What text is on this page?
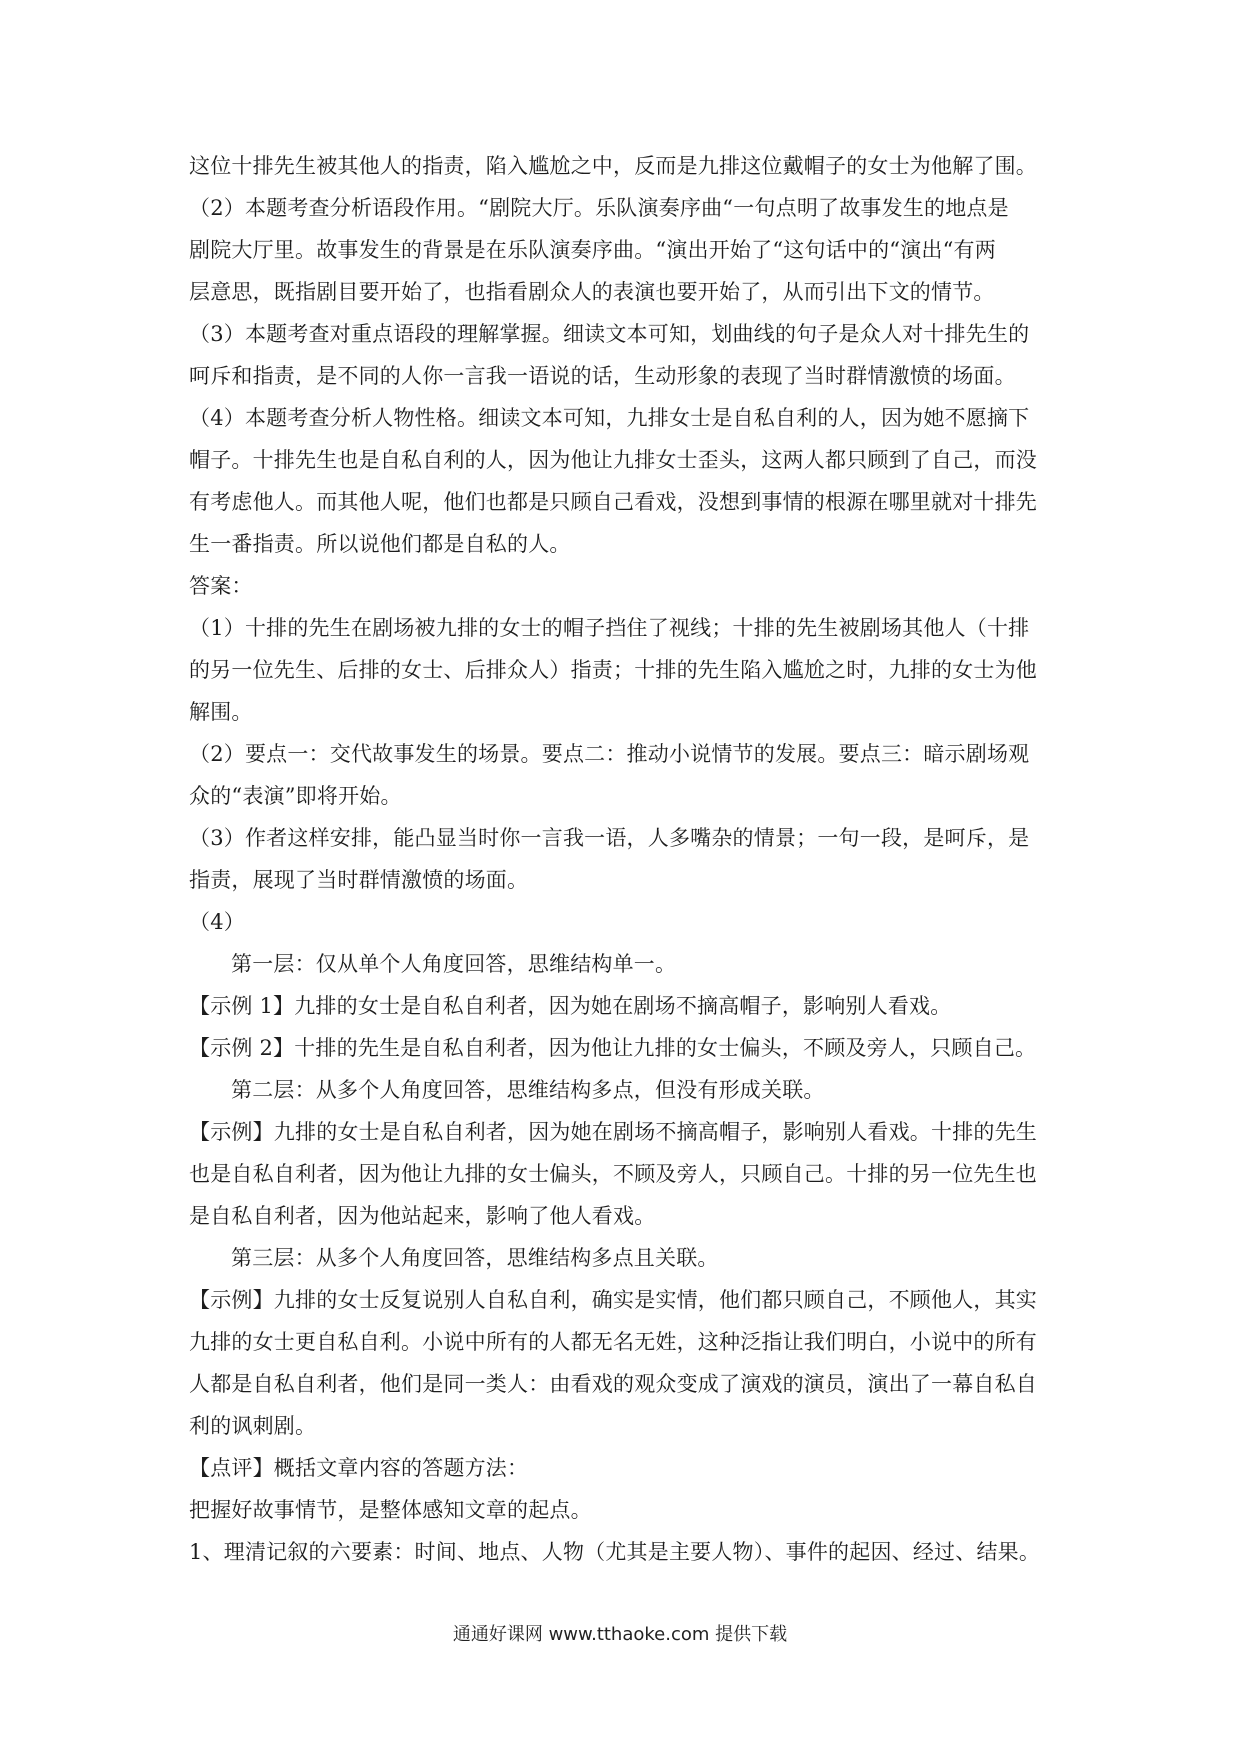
这位十排先生被其他人的指责，陷入尴尬之中，反而是九排这位戴帽子的女士为他解了围。
（2）本题考查分析语段作用。“剧院大厅。乐队演奏序曲“一句点明了故事发生的地点是
剧院大厅里。故事发生的背景是在乐队演奏序曲。“演出开始了“这句话中的“演出“有两
层意思，既指剧目要开始了，也指看剧众人的表演也要开始了，从而引出下文的情节。
（3）本题考查对重点语段的理解掌握。细读文本可知，划曲线的句子是众人对十排先生的
呵斥和指责，是不同的人你一言我一语说的话，生动形象的表现了当时群情激愤的场面。
（4）本题考查分析人物性格。细读文本可知，九排女士是自私自利的人，因为她不愿摘下
帽子。十排先生也是自私自利的人，因为他让九排女士歪头，这两人都只顾到了自己，而没
有考虑他人。而其他人呢，他们也都是只顾自己看戏，没想到事情的根源在哪里就对十排先
生一番指责。所以说他们都是自私的人。
答案：
（1）十排的先生在剧场被九排的女士的帽子挡住了视线；十排的先生被剧场其他人（十排
的另一位先生、后排的女士、后排众人）指责；十排的先生陷入尴尬之时，九排的女士为他
解围。
（2）要点一：交代故事发生的场景。要点二：推动小说情节的发展。要点三：暗示剧场观
众的“表演”即将开始。
（3）作者这样安排，能凸显当时你一言我一语，人多嘴杂的情景；一句一段，是呵斥，是
指责，展现了当时群情激愤的场面。
（4）
第一层：仅从单个人角度回答，思维结构单一。
【示例 1】九排的女士是自私自利者，因为她在剧场不摘高帽子，影响别人看戏。
【示例 2】十排的先生是自私自利者，因为他让九排的女士偏头，不顾及旁人，只顾自己。
第二层：从多个人角度回答，思维结构多点，但没有形成关联。
【示例】九排的女士是自私自利者，因为她在剧场不摘高帽子，影响别人看戏。十排的先生
也是自私自利者，因为他让九排的女士偏头，不顾及旁人，只顾自己。十排的另一位先生也
是自私自利者，因为他站起来，影响了他人看戏。
第三层：从多个人角度回答，思维结构多点且关联。
【示例】九排的女士反复说别人自私自利，确实是实情，他们都只顾自己，不顾他人，其实
九排的女士更自私自利。小说中所有的人都无名无姓，这种泛指让我们明白，小说中的所有
人都是自私自利者，他们是同一类人：由看戏的观众变成了演戏的演员，演出了一幕自私自
利的讽刺剧。
【点评】概括文章内容的答题方法：
把握好故事情节，是整体感知文章的起点。
1、理清记叙的六要素：时间、地点、人物（尤其是主要人物）、事件的起因、经过、结果。
通通好课网 www.tthaoke.com 提供下载
